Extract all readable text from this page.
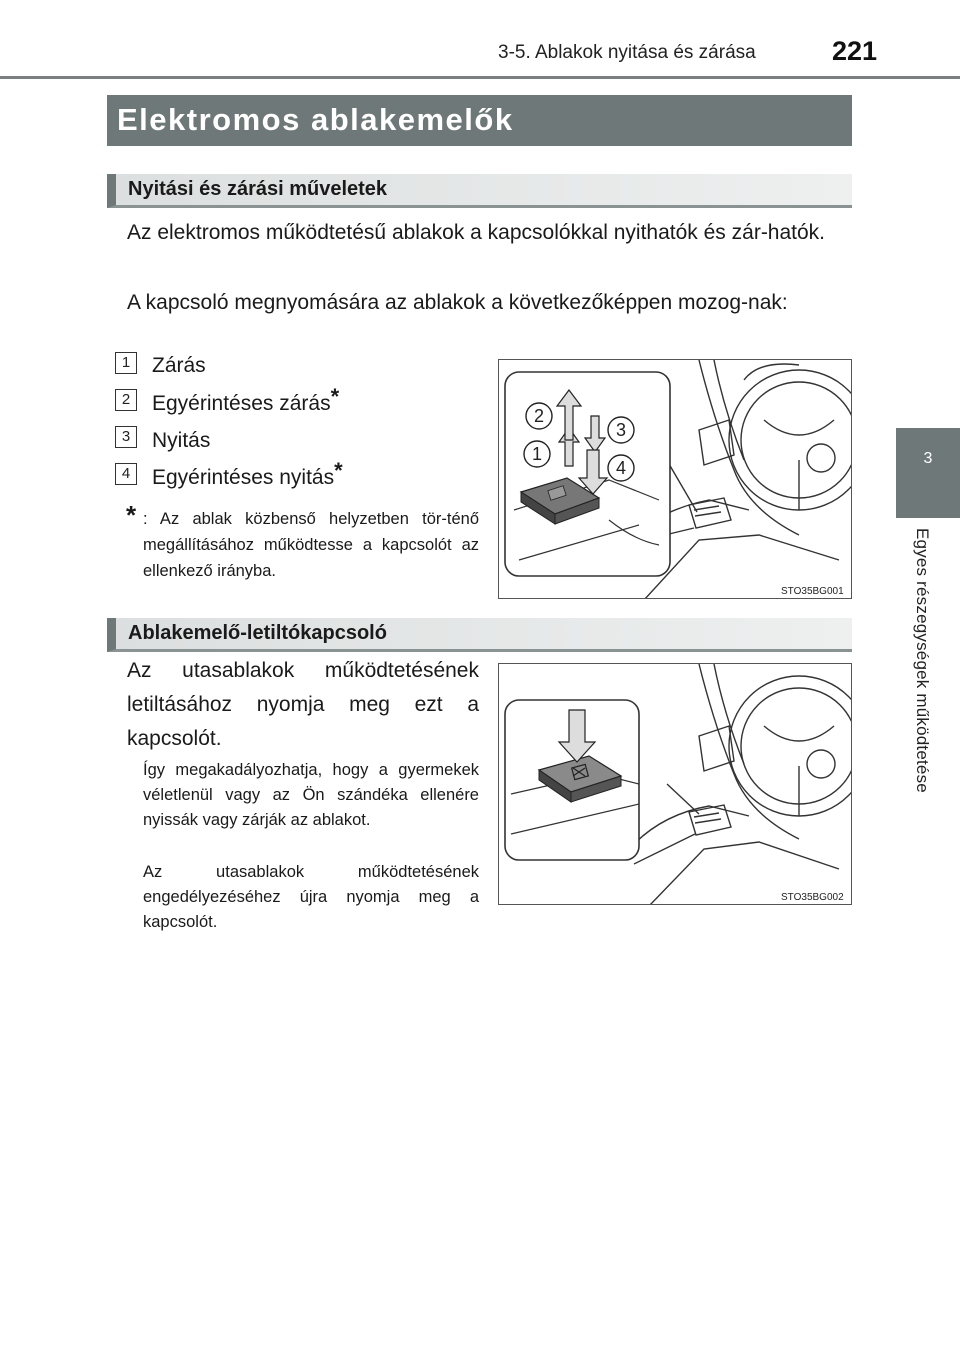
3-5. Ablakok nyitása és zárása	221
3
Egyes részegységek működtetése
Elektromos ablakemelők
Nyitási és zárási műveletek
Az elektromos működtetésű ablakok a kapcsolókkal nyithatók és zár-hatók.
A kapcsoló megnyomására az ablakok a következőképpen mozog-nak:
1	Zárás
2	Egyérintéses zárás*
3	Nyitás
4	Egyérintéses nyitás*
* : Az ablak közbenső helyzetben tör-ténő megállításához működtesse a kapcsolót az ellenkező irányba.
2
1
3
4
STO35BG001
Ablakemelő-letiltókapcsoló
Az utasablakok működtetésének letiltásához nyomja meg ezt a kapcsolót.
Így megakadályozhatja, hogy a gyermekek véletlenül vagy az Ön szándéka ellenére nyissák vagy zárják az ablakot.
Az utasablakok működtetésének engedélyezéséhez újra nyomja meg a kapcsolót.
STO35BG002
